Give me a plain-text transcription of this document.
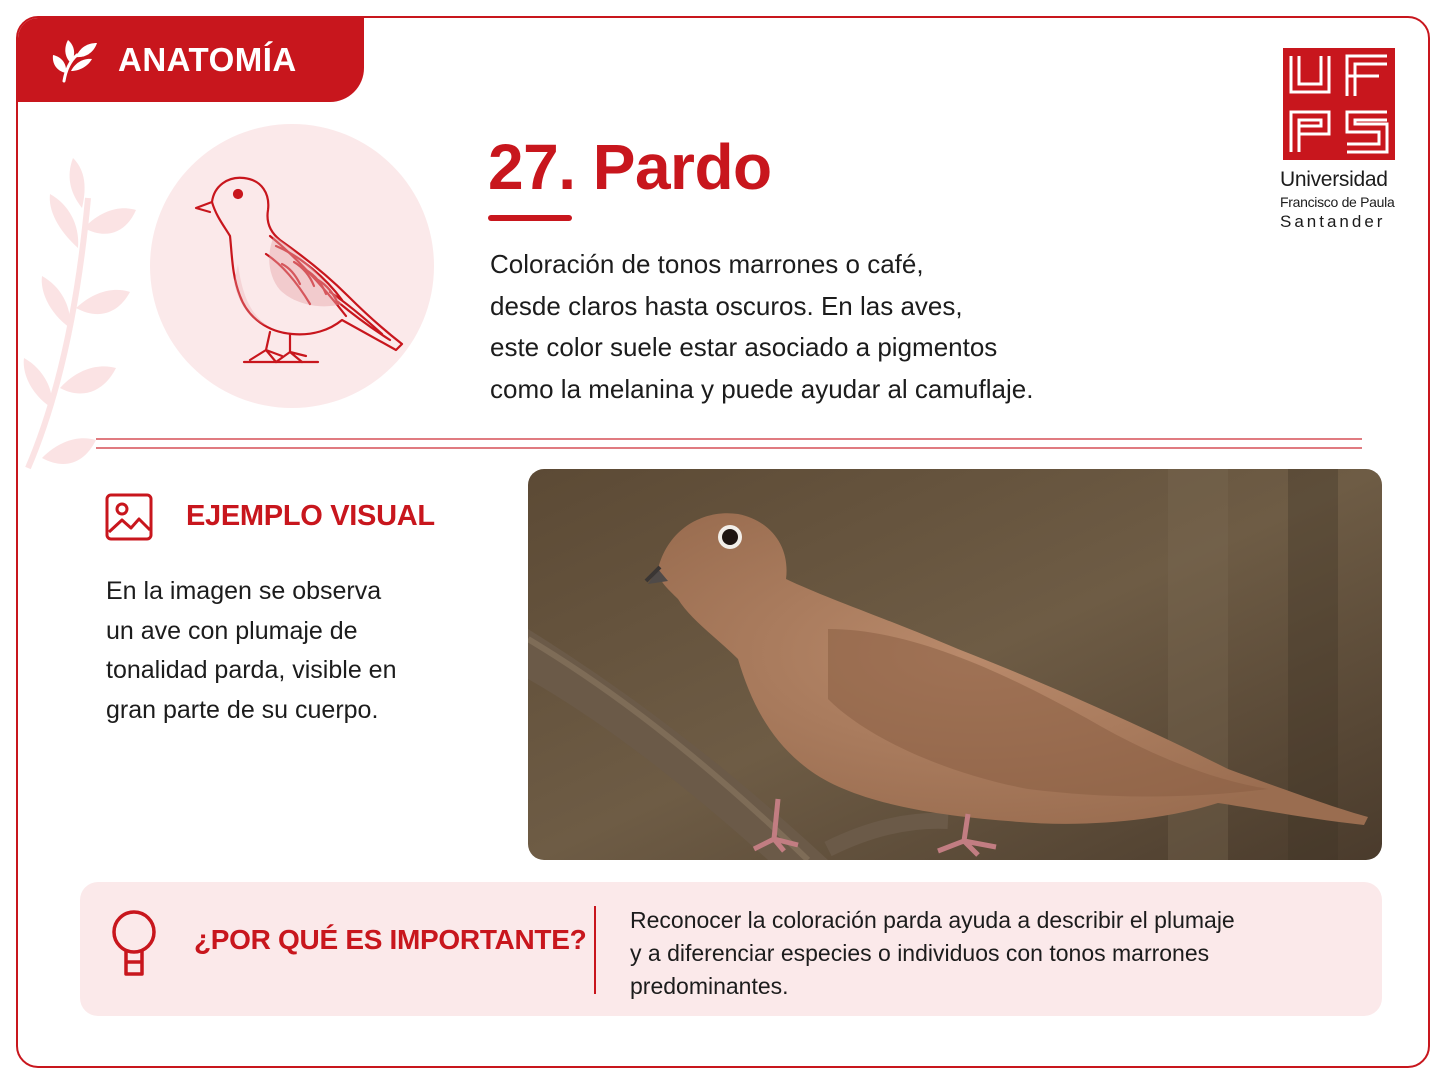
ANATOMÍA
27. Pardo
Coloración de tonos marrones o café,
desde claros hasta oscuros. En las aves,
este color suele estar asociado a pigmentos
como la melanina y puede ayudar al camuflaje.
Universidad
Francisco de Paula
Santander
EJEMPLO VISUAL
En la imagen se observa
un ave con plumaje de
tonalidad parda, visible en
gran parte de su cuerpo.
¿POR QUÉ ES IMPORTANTE?
Reconocer la coloración parda ayuda a describir el plumaje
y a diferenciar especies o individuos con tonos marrones
predominantes.
